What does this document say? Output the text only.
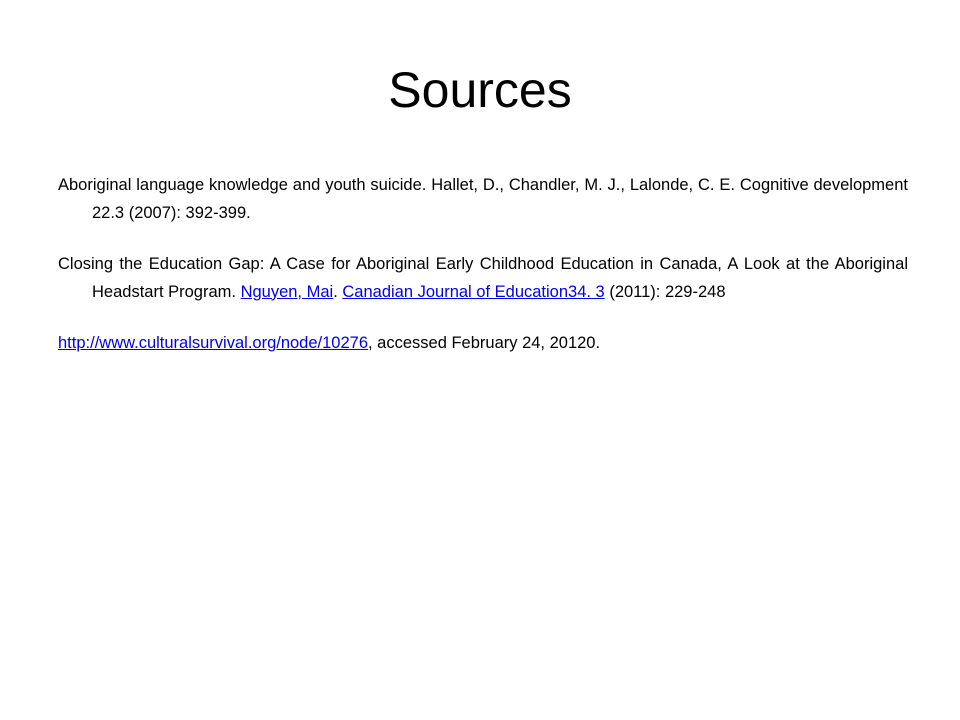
Sources

Aboriginal language knowledge and youth suicide. Hallet, D., Chandler, M. J., Lalonde, C. E. Cognitive development 22.3 (2007): 392-399.

Closing the Education Gap: A Case for Aboriginal Early Childhood Education in Canada, A Look at the Aboriginal Headstart Program. Nguyen, Mai. Canadian Journal of Education34. 3 (2011): 229-248

http://www.culturalsurvival.org/node/10276, accessed February 24, 20120.
